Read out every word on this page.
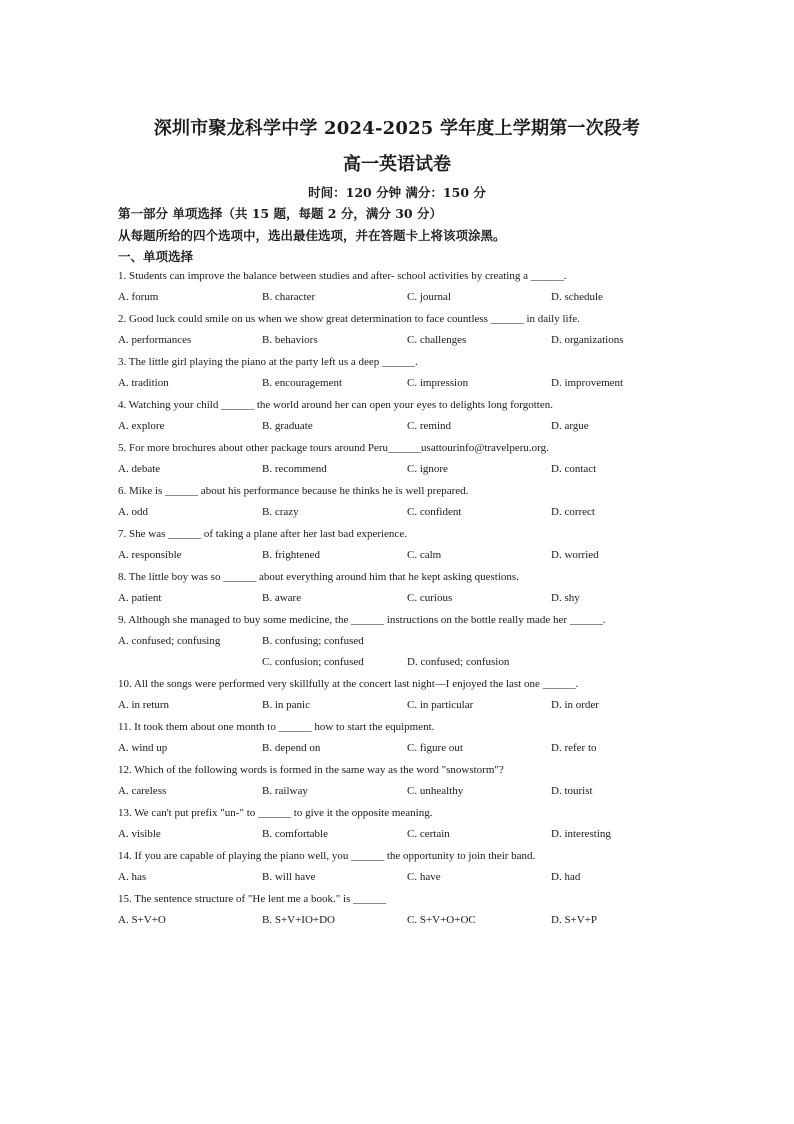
深圳市聚龙科学中学 2024-2025 学年度上学期第一次段考
高一英语试卷
时间：120 分钟 满分：150 分
第一部分 单项选择（共 15 题，每题 2 分，满分 30 分）
从每题所给的四个选项中，选出最佳选项，并在答题卡上将该项涂黑。
一、单项选择
1. Students can improve the balance between studies and after- school activities by creating a ______.
A. forum	B. character	C. journal	D. schedule
2. Good luck could smile on us when we show great determination to face countless ______ in daily life.
A. performances	B. behaviors	C. challenges	D. organizations
3. The little girl playing the piano at the party left us a deep ______.
A. tradition	B. encouragement	C. impression	D. improvement
4. Watching your child ______ the world around her can open your eyes to delights long forgotten.
A. explore	B. graduate	C. remind	D. argue
5. For more brochures about other package tours around Peru______usattourinfo@travelperu.org.
A. debate	B. recommend	C. ignore	D. contact
6. Mike is ______ about his performance because he thinks he is well prepared.
A. odd	B. crazy	C. confident	D. correct
7. She was ______ of taking a plane after her last bad experience.
A. responsible	B. frightened	C. calm	D. worried
8. The little boy was so ______ about everything around him that he kept asking questions.
A. patient	B. aware	C. curious	D. shy
9. Although she managed to buy some medicine, the ______ instructions on the bottle really made her ______.
A. confused; confusing	B. confusing; confused
C. confusion; confused	D. confused; confusion
10. All the songs were performed very skillfully at the concert last night—I enjoyed the last one ______.
A. in return	B. in panic	C. in particular	D. in order
11. It took them about one month to ______ how to start the equipment.
A. wind up	B. depend on	C. figure out	D. refer to
12. Which of the following words is formed in the same way as the word "snowstorm"?
A. careless	B. railway	C. unhealthy	D. tourist
13. We can't put prefix "un-" to ______ to give it the opposite meaning.
A. visible	B. comfortable	C. certain	D. interesting
14. If you are capable of playing the piano well, you ______ the opportunity to join their band.
A. has	B. will have	C. have	D. had
15. The sentence structure of "He lent me a book." is ______
A. S+V+O	B. S+V+IO+DO	C. S+V+O+OC	D. S+V+P
